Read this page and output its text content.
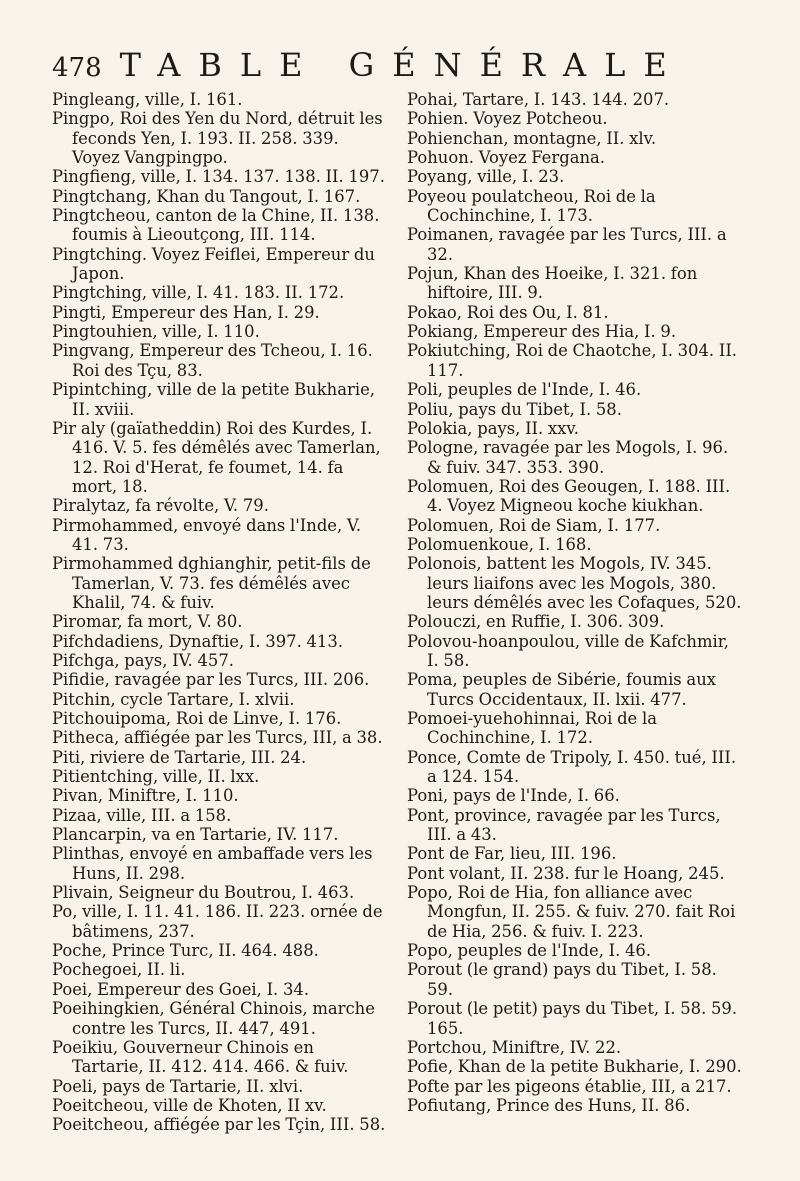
478 TABLE GÉNÉRALE

Pingleang, ville, I. 161.

Pingpo, Roi des Yen du Nord, détruit les feconds Yen, I. 193. II. 258. 339. Voyez Vangpingpo.

Pingfieng, ville, I. 134. 137. 138. II. 197.

Pingtchang, Khan du Tangout, I. 167.

Pingtcheou, canton de la Chine, II. 138. foumis à Lieoutçong, III. 114.

Pingtching. Voyez Feiflei, Empereur du Japon.

Pingtching, ville, I. 41. 183. II. 172.

Pingti, Empereur des Han, I. 29.

Pingtouhien, ville, I. 110.

Pingvang, Empereur des Tcheou, I. 16. Roi des Tçu, 83.

Pipintching, ville de la petite Bukharie, II. xviii.

Pir aly (gaïatheddin) Roi des Kurdes, I. 416. V. 5. fes démêlés avec Tamerlan, 12. Roi d'Herat, fe foumet, 14. fa mort, 18.

Piralytaz, fa révolte, V. 79.

Pirmohammed, envoyé dans l'Inde, V. 41. 73.

Pirmohammed dghianghir, petit-fils de Tamerlan, V. 73. fes démêlés avec Khalil, 74. & fuiv.

Piromar, fa mort, V. 80.

Pifchdadiens, Dynaftie, I. 397. 413.

Pifchga, pays, IV. 457.

Pifidie, ravagée par les Turcs, III. 206.

Pitchin, cycle Tartare, I. xlvii.

Pitchouipoma, Roi de Linve, I. 176.

Pitheca, affiégée par les Turcs, III, a 38.

Piti, riviere de Tartarie, III. 24.

Pitientching, ville, II. lxx.

Pivan, Miniftre, I. 110.

Pizaa, ville, III. a 158.

Plancarpin, va en Tartarie, IV. 117.

Plinthas, envoyé en ambaffade vers les Huns, II. 298.

Plivain, Seigneur du Boutrou, I. 463.

Po, ville, I. 11. 41. 186. II. 223. ornée de bâtimens, 237.

Poche, Prince Turc, II. 464. 488.

Pochegoei, II. li.

Poei, Empereur des Goei, I. 34.

Poeihingkien, Général Chinois, marche contre les Turcs, II. 447, 491.

Poeikiu, Gouverneur Chinois en Tartarie, II. 412. 414. 466. & fuiv.

Poeli, pays de Tartarie, II. xlvi.

Poeitcheou, ville de Khoten, II xv.

Poeitcheou, affiégée par les Tçin, III. 58.

Pohai, Tartare, I. 143. 144. 207.

Pohien. Voyez Potcheou.

Pohienchan, montagne, II. xlv.

Pohuon. Voyez Fergana.

Poyang, ville, I. 23.

Poyeou poulatcheou, Roi de la Cochinchine, I. 173.

Poimanen, ravagée par les Turcs, III. a 32.

Pojun, Khan des Hoeike, I. 321. fon hiftoire, III. 9.

Pokao, Roi des Ou, I. 81.

Pokiang, Empereur des Hia, I. 9.

Pokiutching, Roi de Chaotche, I. 304. II. 117.

Poli, peuples de l'Inde, I. 46.

Poliu, pays du Tibet, I. 58.

Polokia, pays, II. xxv.

Pologne, ravagée par les Mogols, I. 96. & fuiv. 347. 353. 390.

Polomuen, Roi des Geougen, I. 188. III. 4. Voyez Migneou koche kiukhan.

Polomuen, Roi de Siam, I. 177.

Polomuenkoue, I. 168.

Polonois, battent les Mogols, IV. 345. leurs liaifons avec les Mogols, 380. leurs démêlés avec les Cofaques, 520.

Polouczi, en Ruffie, I. 306. 309.

Polovou-hoanpoulou, ville de Kafchmir, I. 58.

Poma, peuples de Sibérie, foumis aux Turcs Occidentaux, II. lxii. 477.

Pomoei-yuehohinnai, Roi de la Cochinchine, I. 172.

Ponce, Comte de Tripoly, I. 450. tué, III. a 124. 154.

Poni, pays de l'Inde, I. 66.

Pont, province, ravagée par les Turcs, III. a 43.

Pont de Far, lieu, III. 196.

Pont volant, II. 238. fur le Hoang, 245.

Popo, Roi de Hia, fon alliance avec Mongfun, II. 255. & fuiv. 270. fait Roi de Hia, 256. & fuiv. I. 223.

Popo, peuples de l'Inde, I. 46.

Porout (le grand) pays du Tibet, I. 58. 59.

Porout (le petit) pays du Tibet, I. 58. 59. 165.

Portchou, Miniftre, IV. 22.

Pofie, Khan de la petite Bukharie, I. 290.

Pofte par les pigeons établie, III, a 217.

Pofiutang, Prince des Huns, II. 86.
